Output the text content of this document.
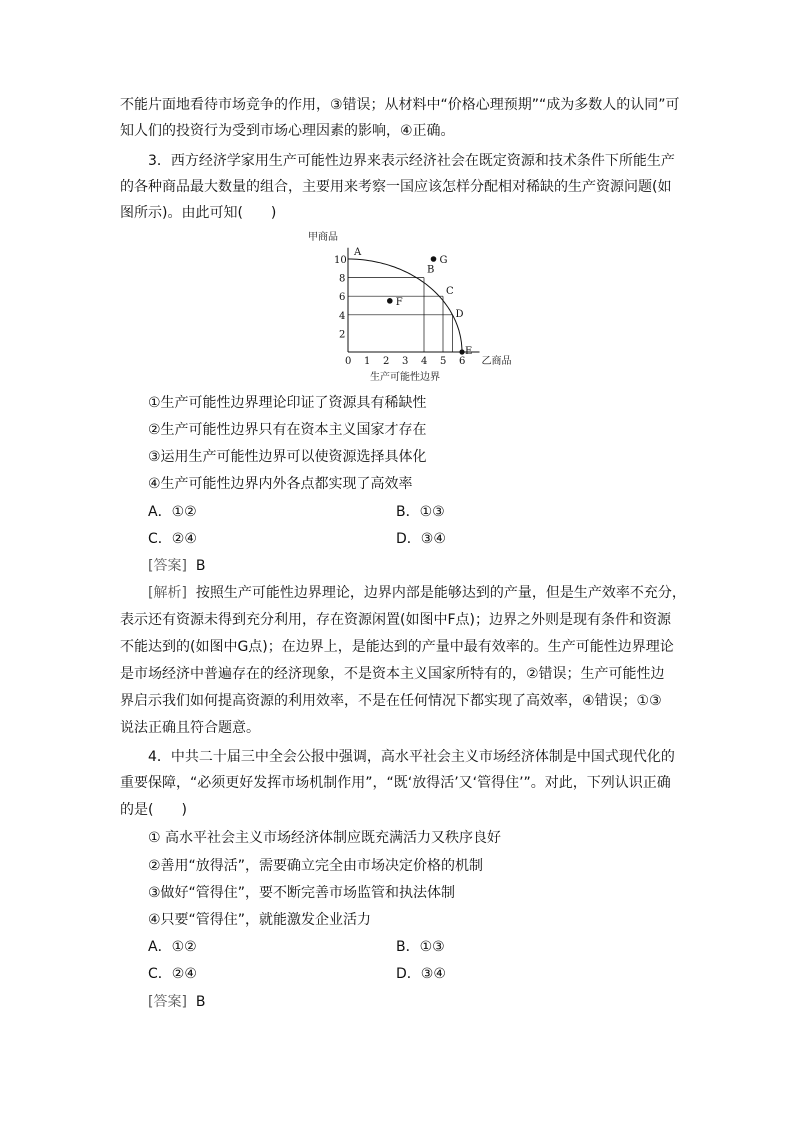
不能片面地看待市场竞争的作用，③错误；从材料中“价格心理预期”“成为多数人的认同”可
知人们的投资行为受到市场心理因素的影响，④正确。
3．西方经济学家用生产可能性边界来表示经济社会在既定资源和技术条件下所能生产
的各种商品最大数量的组合，主要用来考察一国应该怎样分配相对稀缺的生产资源问题(如
图所示)。由此可知(　　)
A
B
C
D
E
G
F
0 1 2 3 4 5 6
2
4
6
8
10
甲商品
乙商品
生产可能性边界
①生产可能性边界理论印证了资源具有稀缺性
②生产可能性边界只有在资本主义国家才存在
③运用生产可能性边界可以使资源选择具体化
④生产可能性边界内外各点都实现了高效率
A．①②	B．①③
C．②④	D．③④
[答案] B
[解析] 按照生产可能性边界理论，边界内部是能够达到的产量，但是生产效率不充分，
表示还有资源未得到充分利用，存在资源闲置(如图中F点)；边界之外则是现有条件和资源
不能达到的(如图中G点)；在边界上，是能达到的产量中最有效率的。生产可能性边界理论
是市场经济中普遍存在的经济现象，不是资本主义国家所特有的，②错误；生产可能性边
界启示我们如何提高资源的利用效率，不是在任何情况下都实现了高效率，④错误；①③
说法正确且符合题意。
4．中共二十届三中全会公报中强调，高水平社会主义市场经济体制是中国式现代化的
重要保障，“必须更好发挥市场机制作用”，“既‘放得活’又‘管得住’”。对此，下列认识正确
的是(　　)
① 高水平社会主义市场经济体制应既充满活力又秩序良好
②善用“放得活”，需要确立完全由市场决定价格的机制
③做好“管得住”，要不断完善市场监管和执法体制
④只要“管得住”，就能激发企业活力
A．①②	B．①③
C．②④	D．③④
[答案] B
